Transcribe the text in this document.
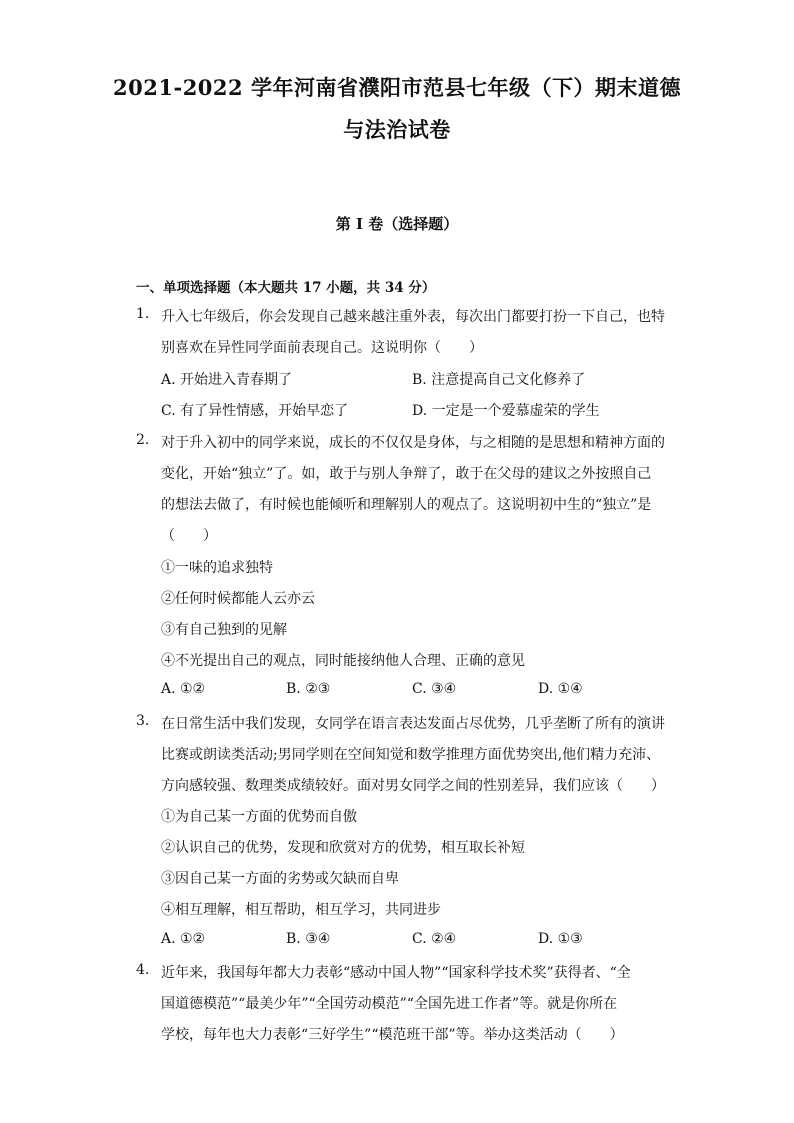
2021-2022 学年河南省濮阳市范县七年级（下）期末道德
与法治试卷
第 I 卷（选择题）
一、单项选择题（本大题共 17 小题，共 34 分）
1. 升入七年级后，你会发现自己越来越注重外表，每次出门都要打扮一下自己，也特
别喜欢在异性同学面前表现自己。这说明你（　　）
A. 开始进入青春期了	B. 注意提高自己文化修养了
C. 有了异性情感，开始早恋了	D. 一定是一个爱慕虚荣的学生
2. 对于升入初中的同学来说，成长的不仅仅是身体，与之相随的是思想和精神方面的
变化，开始“独立”了。如，敢于与别人争辩了，敢于在父母的建议之外按照自己
的想法去做了，有时候也能倾听和理解别人的观点了。这说明初中生的“独立”是
（　　）
①一味的追求独特
②任何时候都能人云亦云
③有自己独到的见解
④不光提出自己的观点，同时能接纳他人合理、正确的意见
A. ①②	B. ②③	C. ③④	D. ①④
3. 在日常生活中我们发现，女同学在语言表达发面占尽优势，几乎垄断了所有的演讲
比赛或朗读类活动;男同学则在空间知觉和数学推理方面优势突出,他们精力充沛、
方向感较强、数理类成绩较好。面对男女同学之间的性别差异，我们应该（　　）
①为自己某一方面的优势而自傲
②认识自己的优势，发现和欣赏对方的优势，相互取长补短
③因自己某一方面的劣势或欠缺而自卑
④相互理解，相互帮助，相互学习，共同进步
A. ①②	B. ③④	C. ②④	D. ①③
4. 近年来，我国每年都大力表彰“感动中国人物”“国家科学技术奖”获得者、“全
国道德模范”“最美少年”“全国劳动模范”“全国先进工作者”等。就是你所在
学校，每年也大力表彰“三好学生”“模范班干部”等。举办这类活动（　　）
